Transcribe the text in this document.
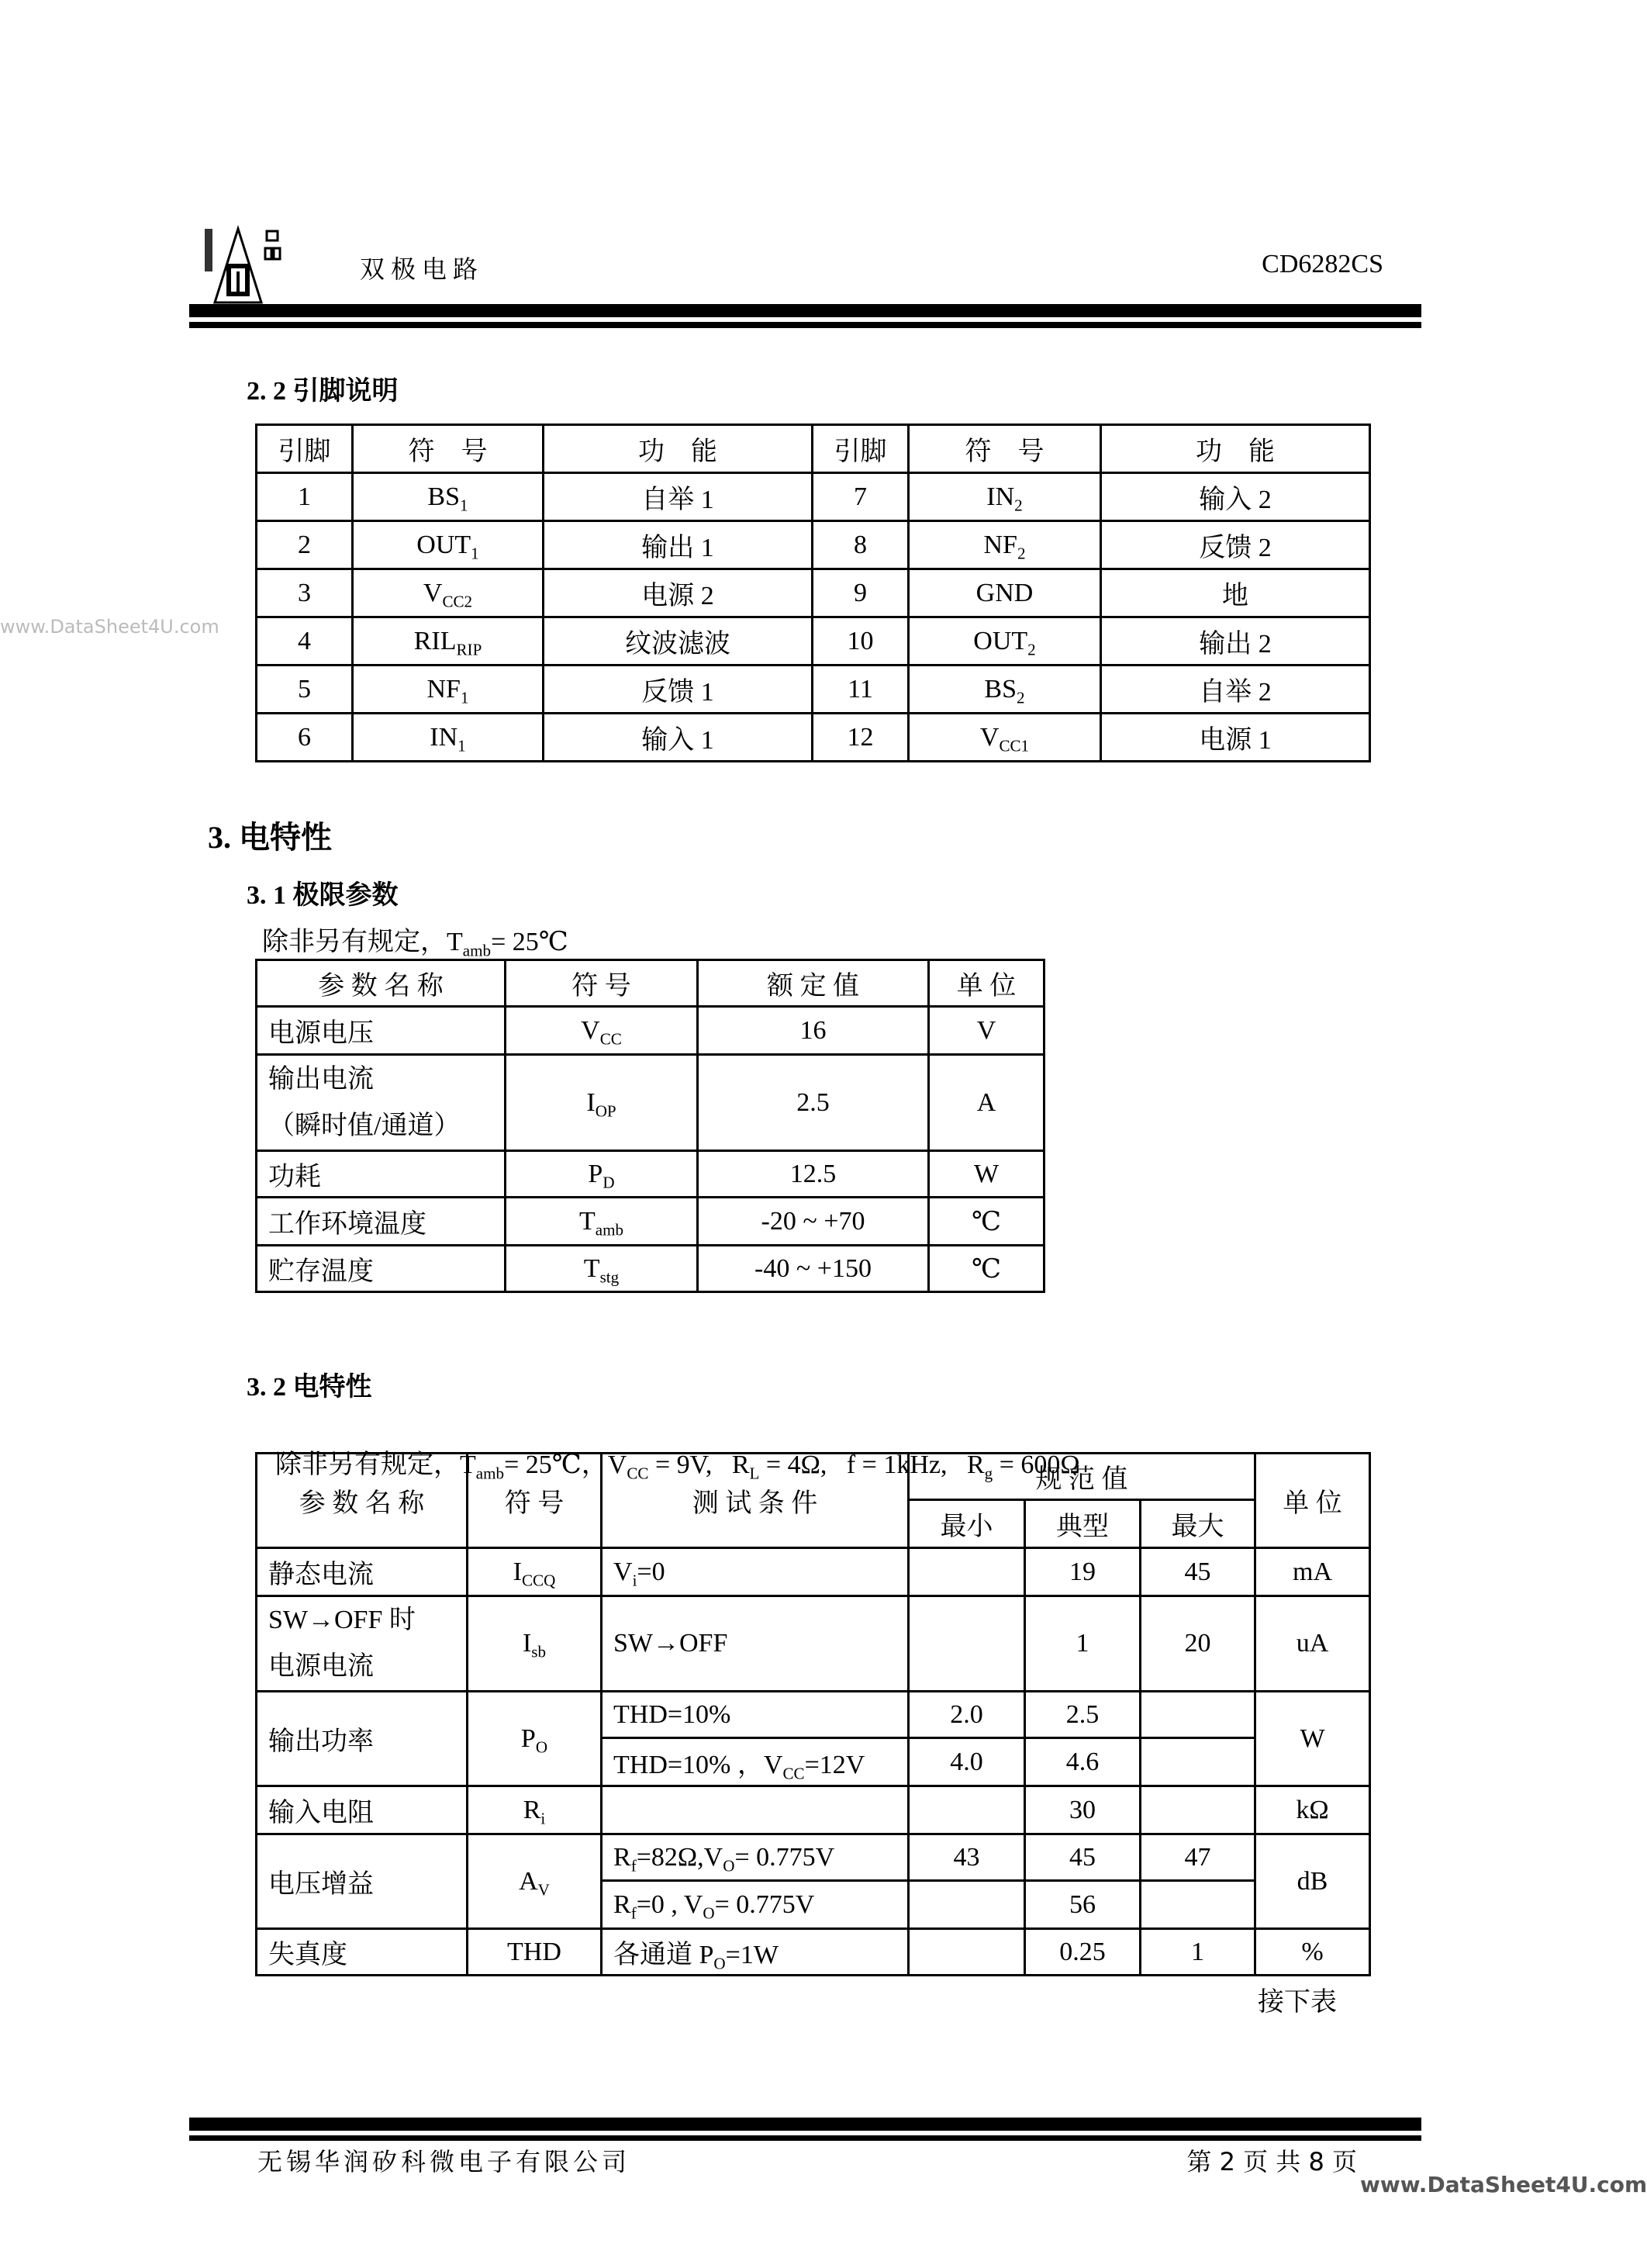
双极电路	CD6282CS
www.DataSheet4U.com
2. 2 引脚说明
引脚	符　号	功　能	引脚	符　号	功　能
1	$BS_1$	自举 1	7	$IN_2$	输入 2
2	$OUT_1$	输出 1	8	$NF_2$	反馈 2
3	$V_{CC2}$	电源 2	9	GND	地
4	$RIL_{RIP}$	纹波滤波	10	$OUT_2$	输出 2
5	$NF_1$	反馈 1	11	$BS_2$	自举 2
6	$IN_1$	输入 1	12	$V_{CC1}$	电源 1
3. 电特性
3. 1 极限参数
除非另有规定，$T_{amb}=$ 25℃
参 数 名 称	符 号	额 定 值	单 位
电源电压	$V_{CC}$	16	V
输出电流
（瞬时值/通道）	$I_{OP}$	2.5	A
功耗	$P_D$	12.5	W
工作环境温度	$T_{amb}$	-20 ~ +70	℃
贮存温度	$T_{stg}$	-40 ~ +150	℃
3. 2 电特性

除非另有规定，$T_{amb}=$ 25℃，$V_{CC} = 9V$,   $R_L = 4\Omega$,   f = 1kHz,   $R_g = 600\Omega$

参 数 名 称	符 号	测 试 条 件	规 范 值			单 位
			最小	典型	最大	
静态电流	$I_{CCQ}$	$V_i=0$		19	45	mA
SW→OFF 时
电源电流	$I_{sb}$	SW→OFF		1	20	uA
输出功率	$P_O$	THD=10%	2.0	2.5		W
		THD=10% ，$V_{CC}=12V$	4.0	4.6		
输入电阻	$R_i$			30		kΩ
电压增益	$A_V$	$R_f=82\Omega,V_O= 0.775V$	43	45	47	dB
		$R_f=0$ , $V_O= 0.775V$		56		
失真度	THD	各通道 $P_O=1W$		0.25	1	%
接下表
无锡华润矽科微电子有限公司	第 2 页 共 8 页
www.DataSheet4U.com
